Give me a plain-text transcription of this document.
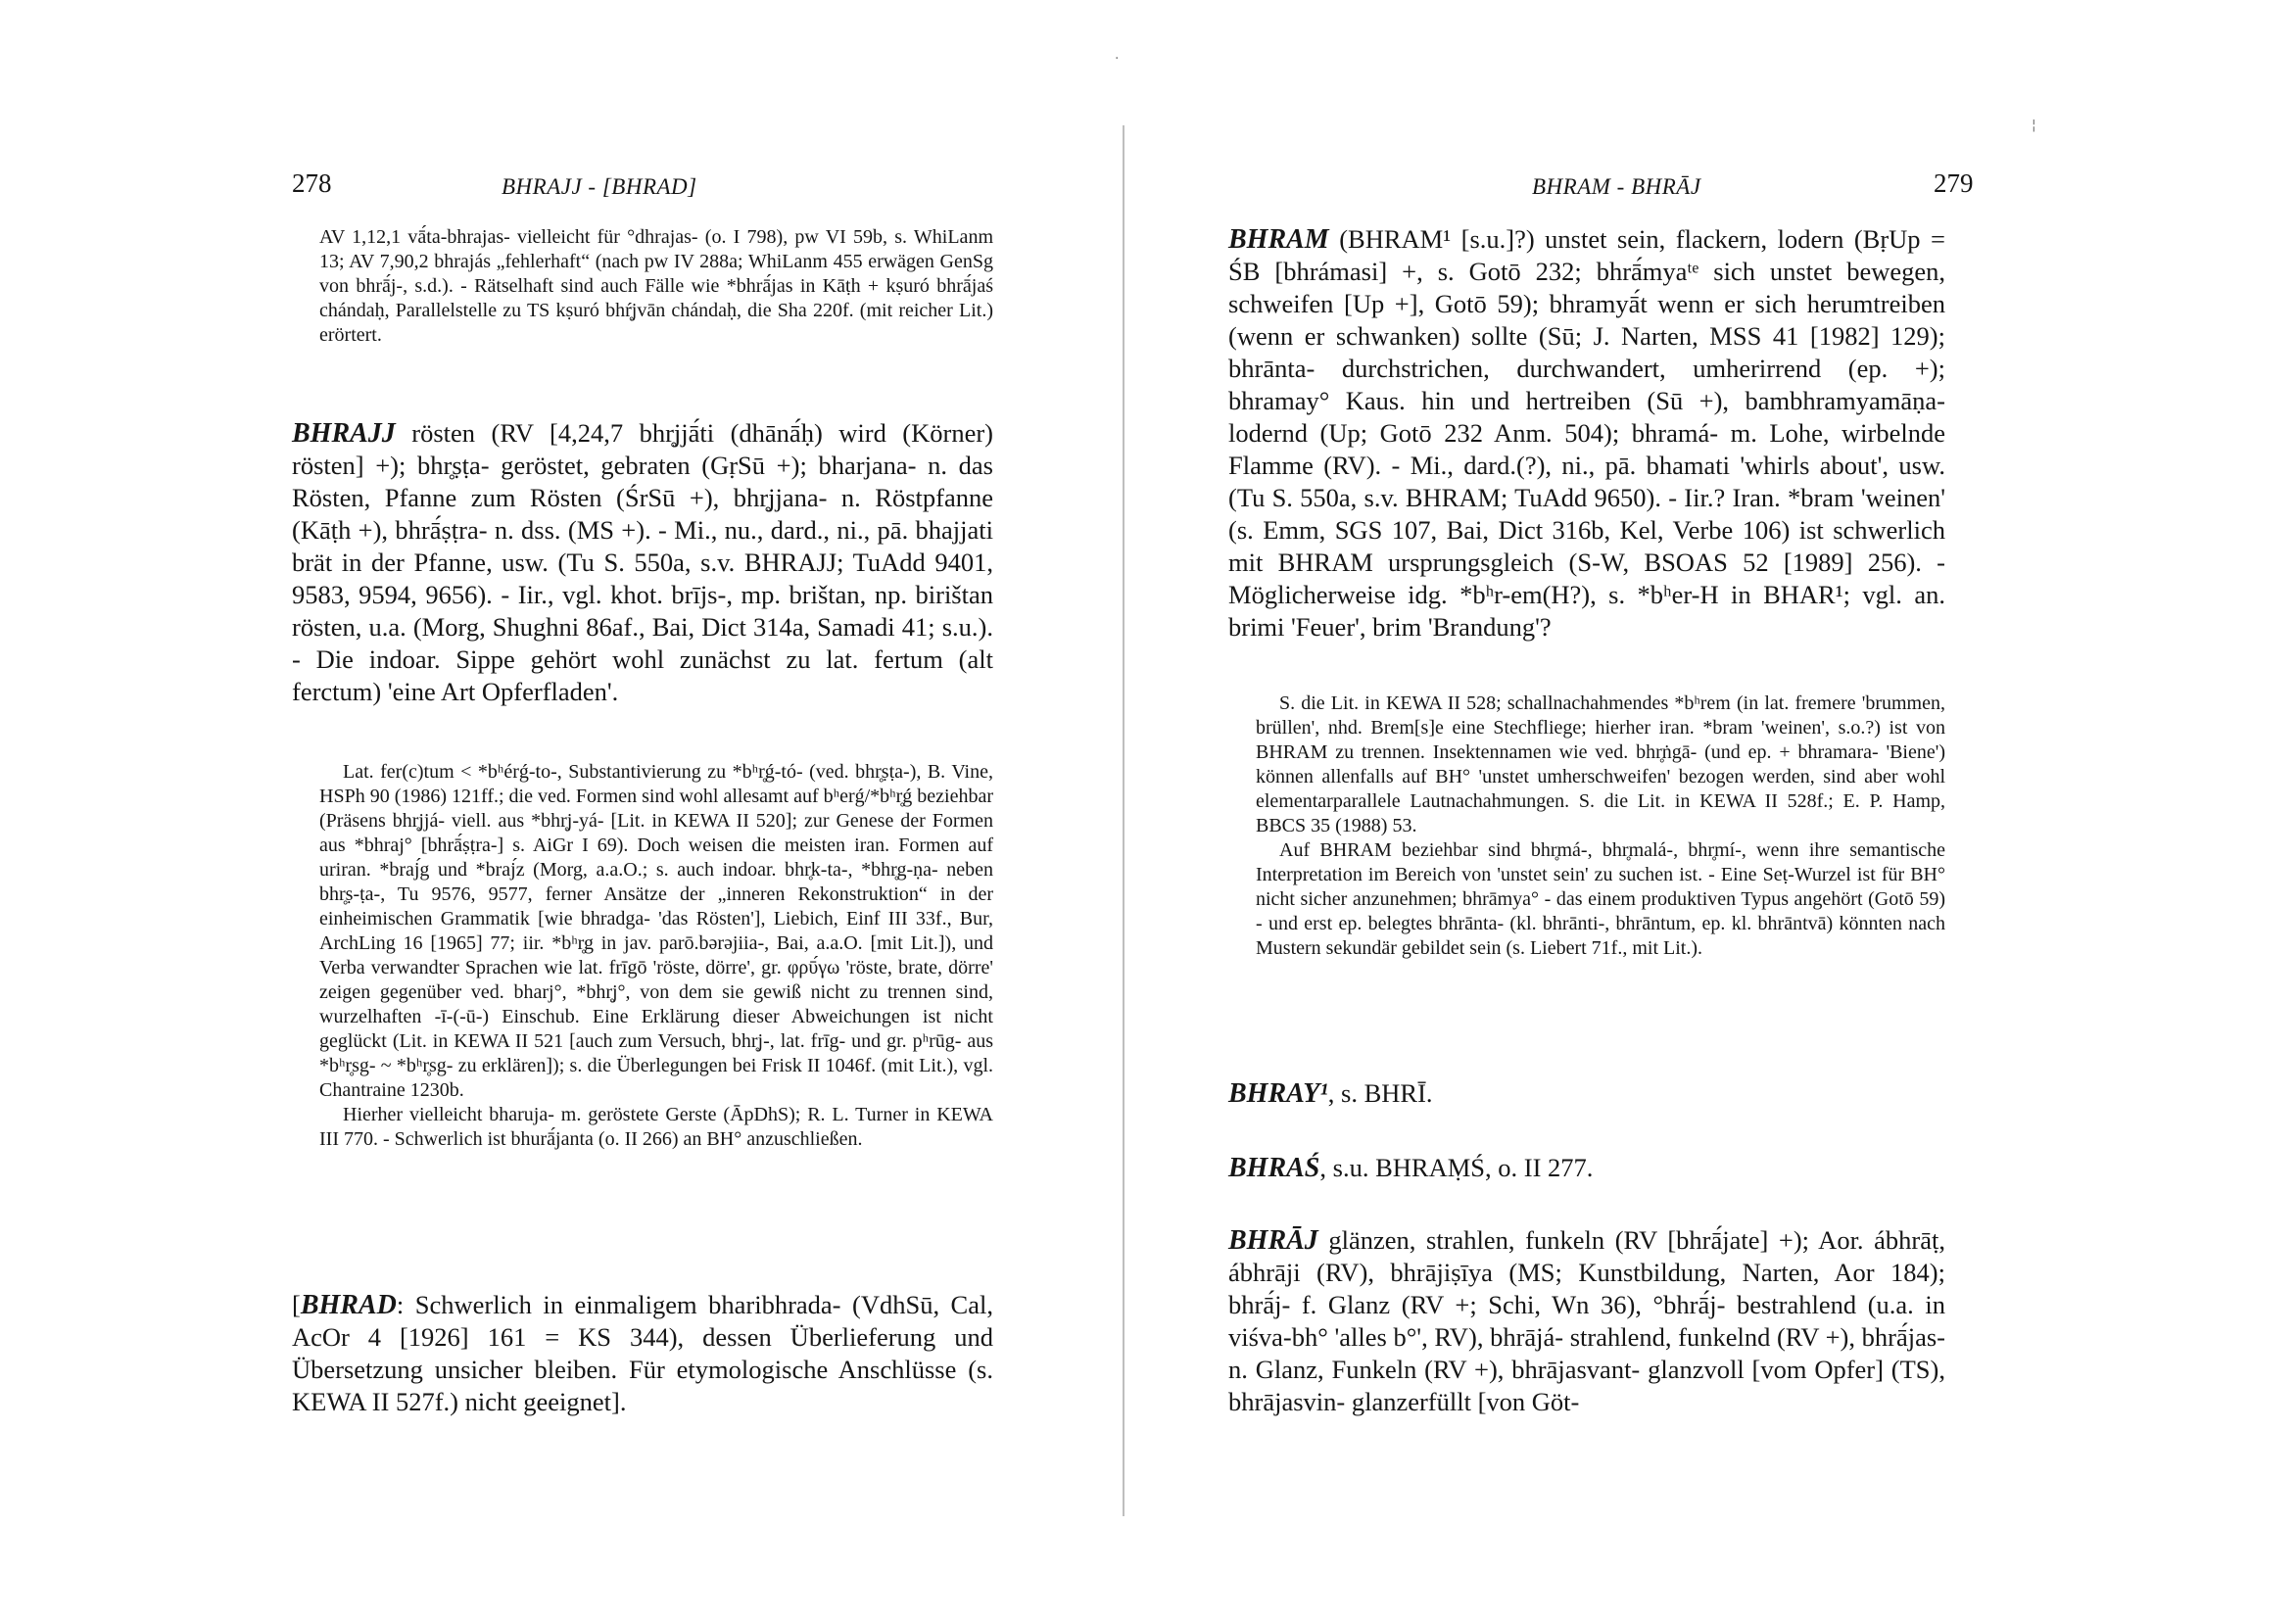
278	BHRAJJ - [BHRAD]
AV 1,12,1 vā́ta-bhrajas- vielleicht für °dhrajas- (o. I 798), pw VI 59b, s. WhiLanm 13; AV 7,90,2 bhrajás „fehlerhaft“ (nach pw IV 288a; WhiLanm 455 erwägen GenSg von bhrā́j-, s.d.). - Rätselhaft sind auch Fälle wie *bhrā́jas in Kāṭh + kṣuró bhrā́jaś chándaḥ, Parallelstelle zu TS kṣuró bhŕ̥jvān chándaḥ, die Sha 220f. (mit reicher Lit.) erörtert.
BHRAJJ rösten (RV [4,24,7 bhr̥jjā́ti (dhānā́ḥ) wird (Körner) rösten] +); bhr̥ṣṭa- geröstet, gebraten (GṛSū +); bharjana- n. das Rösten, Pfanne zum Rösten (ŚrSū +), bhr̥jjana- n. Röstpfanne (Kāṭh +), bhrā́ṣṭra- n. dss. (MS +). - Mi., nu., dard., ni., pā. bhajjati brät in der Pfanne, usw. (Tu S. 550a, s.v. BHRAJJ; TuAdd 9401, 9583, 9594, 9656). - Iir., vgl. khot. brījs-, mp. brištan, np. birištan rösten, u.a. (Morg, Shughni 86af., Bai, Dict 314a, Samadi 41; s.u.). - Die indoar. Sippe gehört wohl zunächst zu lat. fertum (alt ferctum) 'eine Art Opferfladen'.

Lat. fer(c)tum < *bʰérǵ-to-, Substantivierung zu *bʰr̥ǵ-tó- (ved. bhr̥ṣṭa-), B. Vine, HSPh 90 (1986) 121ff.; die ved. Formen sind wohl allesamt auf bʰerǵ/*bʰr̥ǵ beziehbar (Präsens bhr̥jjá- viell. aus *bhr̥j-yá- [Lit. in KEWA II 520]; zur Genese der Formen aus *bhraj° [bhrā́ṣṭra-] s. AiGr I 69). Doch weisen die meisten iran. Formen auf uriran. *braj́g und *braj́z (Morg, a.a.O.; s. auch indoar. bhr̥k-ta-, *bhr̥g-ṇa- neben bhr̥ṣ-ṭa-, Tu 9576, 9577, ferner Ansätze der „inneren Rekonstruktion“ in der einheimischen Grammatik [wie bhradga- 'das Rösten'], Liebich, Einf III 33f., Bur, ArchLing 16 [1965] 77; iir. *bʰr̥g in jav. parō.bərəjiia-, Bai, a.a.O. [mit Lit.]), und Verba verwandter Sprachen wie lat. frīgō 'röste, dörre', gr. φρῡ́γω 'röste, brate, dörre' zeigen gegenüber ved. bharj°, *bhr̥j°, von dem sie gewiß nicht zu trennen sind, wurzelhaften -ī-(-ū-) Einschub. Eine Erklärung dieser Abweichungen ist nicht geglückt (Lit. in KEWA II 521 [auch zum Versuch, bhr̥j-, lat. frīg- und gr. pʰrūg- aus *bʰr̥sg- ~ *bʰr̥sg- zu erklären]); s. die Überlegungen bei Frisk II 1046f. (mit Lit.), vgl. Chantraine 1230b.

Hierher vielleicht bharuja- m. geröstete Gerste (ĀpDhS); R. L. Turner in KEWA III 770. - Schwerlich ist bhurā́janta (o. II 266) an BH° anzuschließen.

[BHRAD: Schwerlich in einmaligem bharibhrada- (VdhSū, Cal, AcOr 4 [1926] 161 = KS 344), dessen Überlieferung und Übersetzung unsicher bleiben. Für etymologische Anschlüsse (s. KEWA II 527f.) nicht geeignet].
·
¦
BHRAM - BHRĀJ	279
BHRAM (BHRAM¹ [s.u.]?) unstet sein, flackern, lodern (BṛUp = ŚB [bhrámasi] +, s. Gotō 232; bhrā́myaᵗᵉ sich unstet bewegen, schweifen [Up +], Gotō 59); bhramyā́t wenn er sich herumtreiben (wenn er schwanken) sollte (Sū; J. Narten, MSS 41 [1982] 129); bhrānta- durchstrichen, durchwandert, umherirrend (ep. +); bhramay° Kaus. hin und hertreiben (Sū +), bambhramyamāṇa- lodernd (Up; Gotō 232 Anm. 504); bhramá- m. Lohe, wirbelnde Flamme (RV). - Mi., dard.(?), ni., pā. bhamati 'whirls about', usw. (Tu S. 550a, s.v. BHRAM; TuAdd 9650). - Iir.? Iran. *bram 'weinen' (s. Emm, SGS 107, Bai, Dict 316b, Kel, Verbe 106) ist schwerlich mit BHRAM ursprungsgleich (S-W, BSOAS 52 [1989] 256). - Möglicherweise idg. *bʰr-em(H?), s. *bʰer-H in BHAR¹; vgl. an. brimi 'Feuer', brim 'Brandung'?

S. die Lit. in KEWA II 528; schallnachahmendes *bʰrem (in lat. fremere 'brummen, brüllen', nhd. Brem[s]e eine Stechfliege; hierher iran. *bram 'weinen', s.o.?) ist von BHRAM zu trennen. Insektennamen wie ved. bhr̥ṅgā- (und ep. + bhramara- 'Biene') können allenfalls auf BH° 'unstet umherschweifen' bezogen werden, sind aber wohl elementarparallele Lautnachahmungen. S. die Lit. in KEWA II 528f.; E. P. Hamp, BBCS 35 (1988) 53.

Auf BHRAM beziehbar sind bhr̥má-, bhr̥malá-, bhr̥mí-, wenn ihre semantische Interpretation im Bereich von 'unstet sein' zu suchen ist. - Eine Seṭ-Wurzel ist für BH° nicht sicher anzunehmen; bhrāmya° - das einem produktiven Typus angehört (Gotō 59) - und erst ep. belegtes bhrānta- (kl. bhrānti-, bhrāntum, ep. kl. bhrāntvā) könnten nach Mustern sekundär gebildet sein (s. Liebert 71f., mit Lit.).

BHRAY¹, s. BHRĪ.
BHRAŚ, s.u. BHRAṂŚ, o. II 277.
BHRĀJ glänzen, strahlen, funkeln (RV [bhrā́jate] +); Aor. ábhrāṭ, ábhrāji (RV), bhrājiṣīya (MS; Kunstbildung, Narten, Aor 184); bhrā́j- f. Glanz (RV +; Schi, Wn 36), °bhrā́j- bestrahlend (u.a. in viśva-bh° 'alles b°', RV), bhrājá- strahlend, funkelnd (RV +), bhrā́jas- n. Glanz, Funkeln (RV +), bhrājasvant- glanzvoll [vom Opfer] (TS), bhrājasvin- glanzerfüllt [von Göt-
